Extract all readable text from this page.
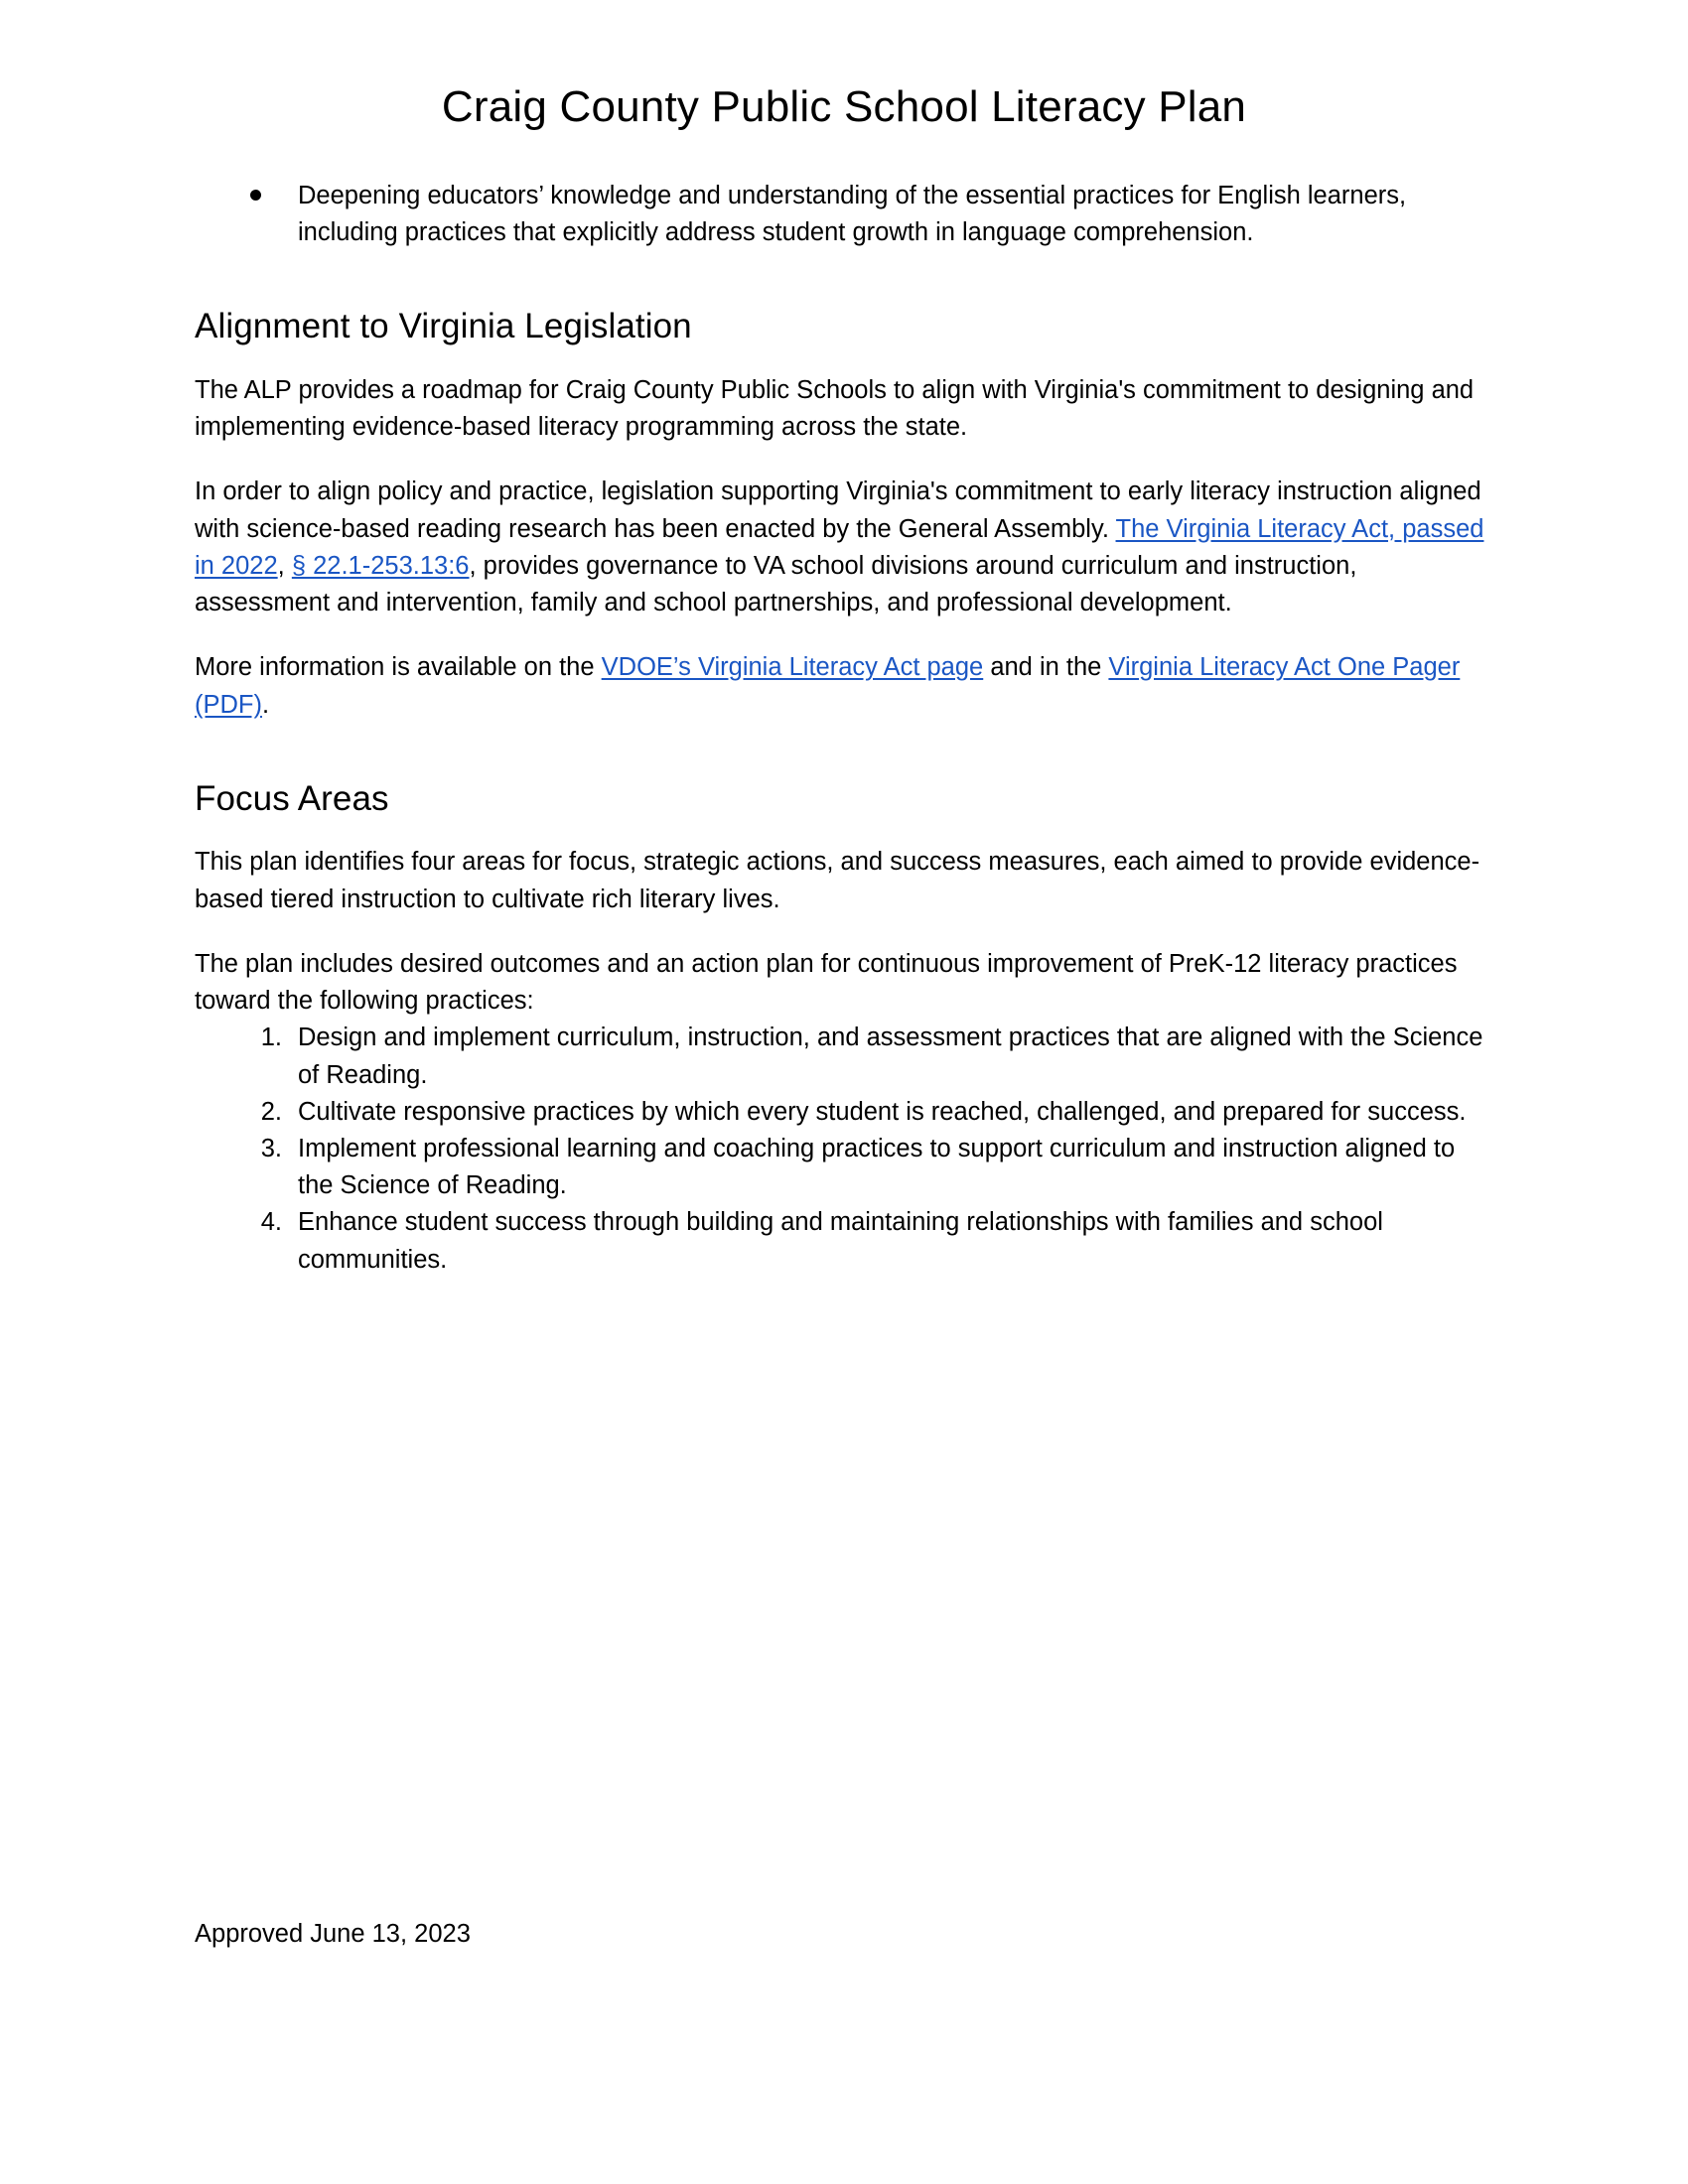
Craig County Public School Literacy Plan
Deepening educators’ knowledge and understanding of the essential practices for English learners, including practices that explicitly address student growth in language comprehension.
Alignment to Virginia Legislation

The ALP provides a roadmap for Craig County Public Schools to align with Virginia's commitment to designing and implementing evidence-based literacy programming across the state.

In order to align policy and practice, legislation supporting Virginia's commitment to early literacy instruction aligned with science-based reading research has been enacted by the General Assembly. The Virginia Literacy Act, passed in 2022, § 22.1-253.13:6, provides governance to VA school divisions around curriculum and instruction, assessment and intervention, family and school partnerships, and professional development.

More information is available on the VDOE’s Virginia Literacy Act page and in the Virginia Literacy Act One Pager (PDF).

Focus Areas

This plan identifies four areas for focus, strategic actions, and success measures, each aimed to provide evidence-based tiered instruction to cultivate rich literary lives.

The plan includes desired outcomes and an action plan for continuous improvement of PreK-12 literacy practices toward the following practices:

Design and implement curriculum, instruction, and assessment practices that are aligned with the Science of Reading.
Cultivate responsive practices by which every student is reached, challenged, and prepared for success.
Implement professional learning and coaching practices to support curriculum and instruction aligned to the Science of Reading.
Enhance student success through building and maintaining relationships with families and school communities.
Approved June 13, 2023
